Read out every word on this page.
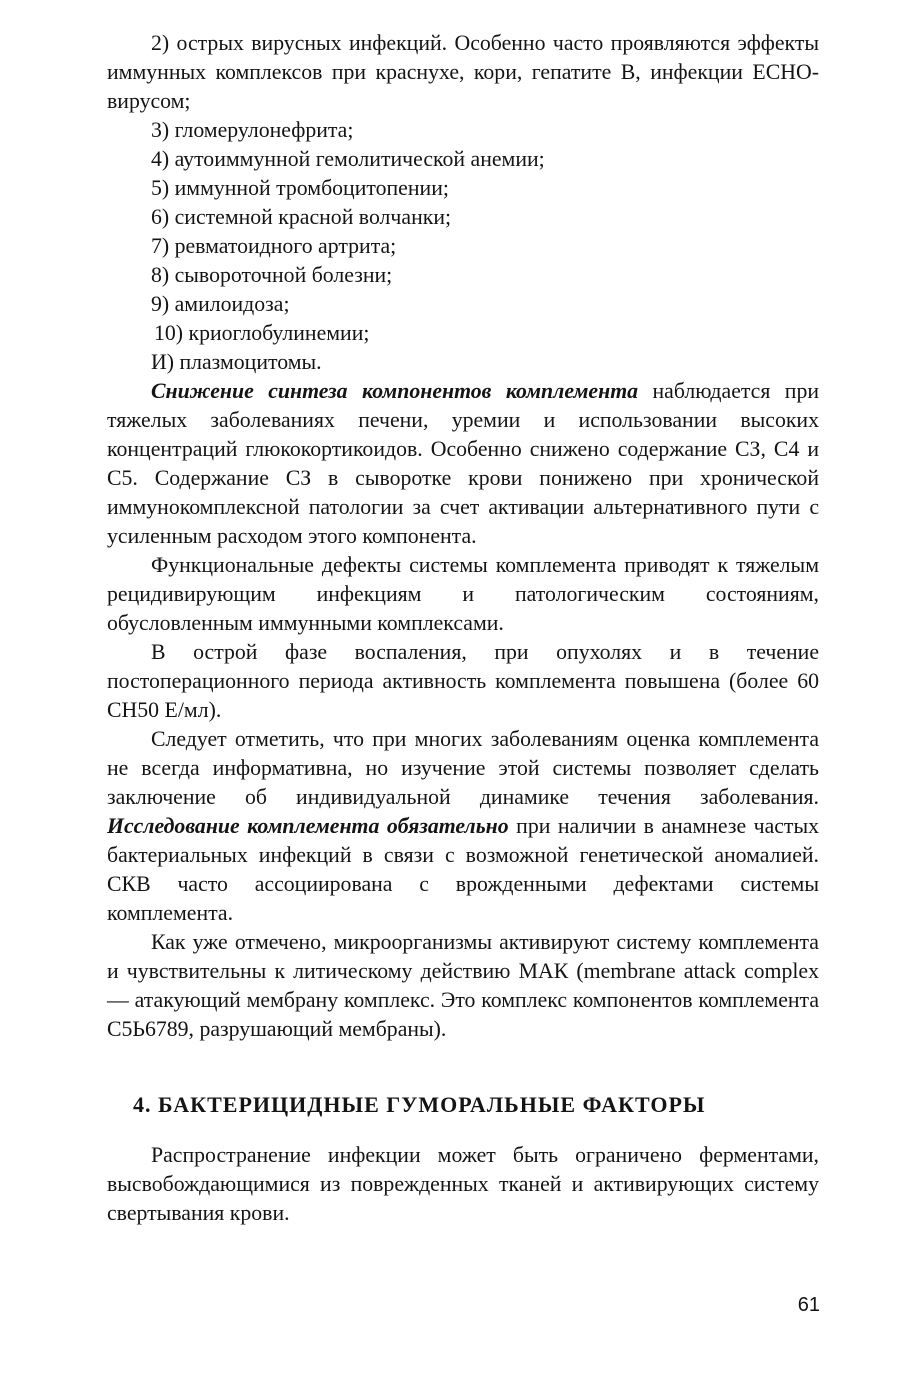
2) острых вирусных инфекций. Особенно часто проявляются эффекты иммунных комплексов при краснухе, кори, гепатите В, инфекции ECHO-вирусом;
3) гломерулонефрита;
4) аутоиммунной гемолитической анемии;
5) иммунной тромбоцитопении;
6) системной красной волчанки;
7) ревматоидного артрита;
8) сывороточной болезни;
9) амилоидоза;
10) криоглобулинемии;
И) плазмоцитомы.

Снижение синтеза компонентов комплемента наблюдается при тяжелых заболеваниях печени, уремии и использовании высоких концентраций глюкокортикоидов. Особенно снижено содержание СЗ, С4 и С5. Содержание СЗ в сыворотке крови понижено при хронической иммунокомплексной патологии за счет активации альтернативного пути с усиленным расходом этого компонента.

Функциональные дефекты системы комплемента приводят к тяжелым рецидивирующим инфекциям и патологическим состояниям, обусловленным иммунными комплексами.

В острой фазе воспаления, при опухолях и в течение постоперационного периода активность комплемента повышена (более 60 СН50 Е/мл).

Следует отметить, что при многих заболеваниям оценка комплемента не всегда информативна, но изучение этой системы позволяет сделать заключение об индивидуальной динамике течения заболевания. Исследование комплемента обязательно при наличии в анамнезе частых бактериальных инфекций в связи с возможной генетической аномалией. СКВ часто ассоциирована с врожденными дефектами системы комплемента.

Как уже отмечено, микроорганизмы активируют систему комплемента и чувствительны к литическому действию МАК (membrane attack complex — атакующий мембрану комплекс. Это комплекс компонентов комплемента С5Ь6789, разрушающий мембраны).

4. БАКТЕРИЦИДНЫЕ ГУМОРАЛЬНЫЕ ФАКТОРЫ

Распространение инфекции может быть ограничено ферментами, высвобождающимися из поврежденных тканей и активирующих систему свертывания крови.

61
